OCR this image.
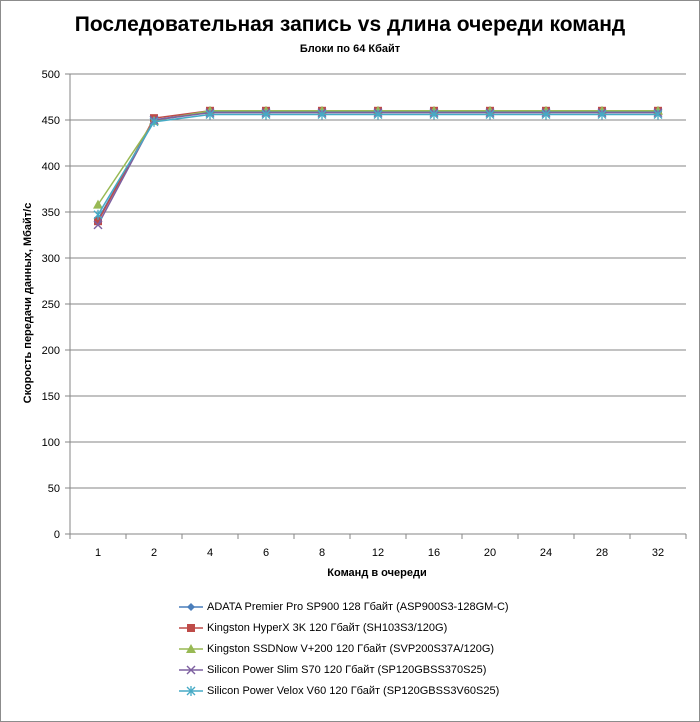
Последовательная запись vs длина очереди команд
Блоки по 64 Кбайт
0
50
100
150
200
250
300
350
400
450
500
1	2	4	6	8	12	16	20	24	28	32
Команд в очереди
Скорость передачи данных, Мбайт/с
ADATA Premier Pro SP900 128 Гбайт (ASP900S3-128GM-C)
Kingston HyperX 3K 120 Гбайт (SH103S3/120G)
Kingston SSDNow V+200 120 Гбайт (SVP200S37A/120G)
Silicon Power Slim S70 120 Гбайт (SP120GBSS370S25)
Silicon Power Velox V60 120 Гбайт (SP120GBSS3V60S25)
